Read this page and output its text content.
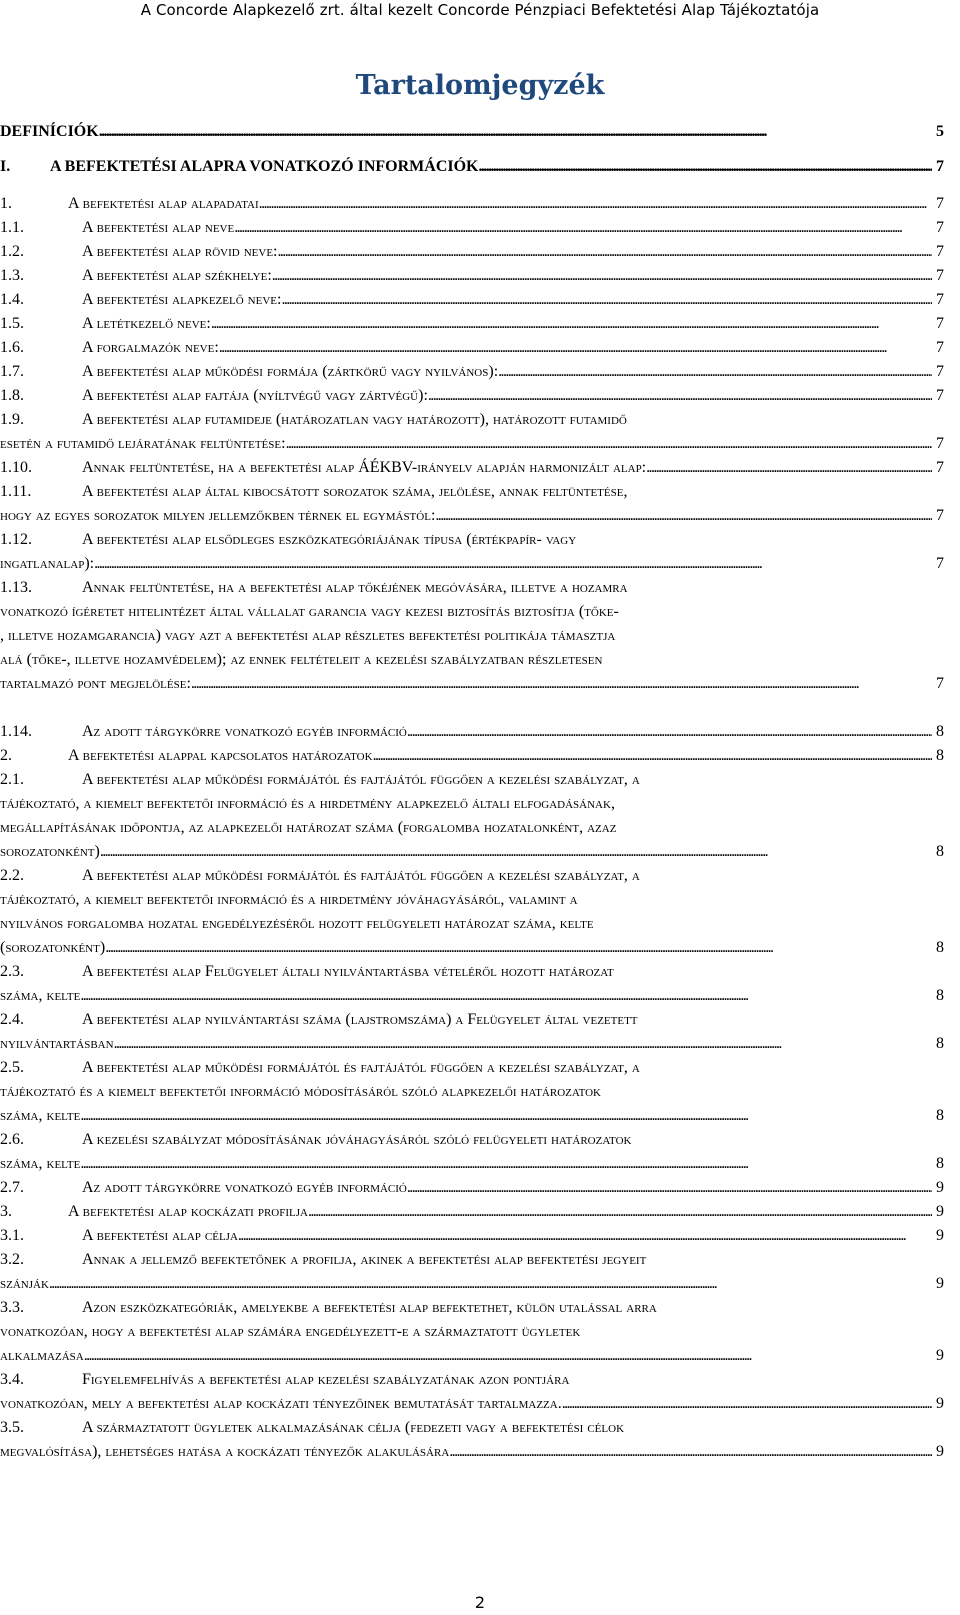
A Concorde Alapkezelő zrt. által kezelt Concorde Pénzpiaci Befektetési Alap Tájékoztatója
Tartalomjegyzék
DEFINÍCIÓK . . .	5
I. A BEFEKTETÉSI ALAPRA VONATKOZÓ INFORMÁCIÓK . . .	7
1.	A befektetési alap alapadatai . . .	7
1.1.	A befektetési alap neve . . .	7
1.2.	A befektetési alap rövid neve: . . .	7
1.3.	A befektetési alap székhelye: . . .	7
1.4.	A befektetési alapkezelő neve: . . .	7
1.5.	A letétkezelő neve: . . .	7
1.6.	A forgalmazók neve: . . .	7
1.7.	A befektetési alap működési formája (zártkörű vagy nyilvános): . . .	7
1.8.	A befektetési alap fajtája (nyíltvégű vagy zártvégű): . . .	7
1.9.	A befektetési alap futamideje (határozatlan vagy határozott), határozott futamidő
esetén a futamidő lejáratának feltüntetése: . . .	7
1.10.	Annak feltüntetése, ha a befektetési alap ÁÉKBV-irányelv alapján harmonizált alap: . . .	7
1.11.	A befektetési alap által kibocsátott sorozatok száma, jelölése, annak feltüntetése,
hogy az egyes sorozatok milyen jellemzőkben térnek el egymástól: . . .	7
1.12.	A befektetési alap elsődleges eszközkategóriájának típusa (értékpapír- vagy
ingatlanalap): . . .	7
1.13.	Annak feltüntetése, ha a befektetési alap tőkéjének megóvására, illetve a hozamra
vonatkozó ígéretet hitelintézet által vállalat garancia vagy kezesi biztosítás biztosítja (tőke-
, illetve hozamgarancia) vagy azt a befektetési alap részletes befektetési politikája támasztja
alá (tőke-, illetve hozamvédelem); az ennek feltételeit a kezelési szabályzatban részletesen
tartalmazó pont megjelölése: . . .	7
1.14.	Az adott tárgykörre vonatkozó egyéb információ . . .	8
2.	A befektetési alappal kapcsolatos határozatok . . .	8
2.1.	A befektetési alap működési formájától és fajtájától függően a kezelési szabályzat, a
tájékoztató, a kiemelt befektetői információ és a hirdetmény alapkezelő általi elfogadásának,
megállapításának időpontja, az alapkezelői határozat száma (forgalomba hozatalonként, azaz
sorozatonként) . . .	8
2.2.	A befektetési alap működési formájától és fajtájától függően a kezelési szabályzat, a
tájékoztató, a kiemelt befektetői információ és a hirdetmény jóváhagyásáról, valamint a
nyilvános forgalomba hozatal engedélyezéséről hozott felügyeleti határozat száma, kelte
(sorozatonként) . . .	8
2.3.	A befektetési alap Felügyelet általi nyilvántartásba vételéről hozott határozat
száma, kelte . . .	8
2.4.	A befektetési alap nyilvántartási száma (lajstromszáma) a Felügyelet által vezetett
nyilvántartásban . . .	8
2.5.	A befektetési alap működési formájától és fajtájától függően a kezelési szabályzat, a
tájékoztató és a kiemelt befektetői információ módosításáról szóló alapkezelői határozatok
száma, kelte . . .	8
2.6.	A kezelési szabályzat módosításának jóváhagyásáról szóló felügyeleti határozatok
száma, kelte . . .	8
2.7.	Az adott tárgykörre vonatkozó egyéb információ . . .	9
3.	A befektetési alap kockázati profilja . . .	9
3.1.	A befektetési alap célja . . .	9
3.2.	Annak a jellemző befektetőnek a profilja, akinek a befektetési alap befektetési jegyeit
szánják . . .	9
3.3.	Azon eszközkategóriák, amelyekbe a befektetési alap befektethet, külön utalással arra
vonatkozóan, hogy a befektetési alap számára engedélyezett-e a származtatott ügyletek
alkalmazása . . .	9
3.4.	Figyelemfelhívás a befektetési alap kezelési szabályzatának azon pontjára
vonatkozóan, mely a befektetési alap kockázati tényezőinek bemutatását tartalmazza. . . .	9
3.5.	A származtatott ügyletek alkalmazásának célja (fedezeti vagy a befektetési célok
megvalósítása), lehetséges hatása a kockázati tényezők alakulására . . .	9
2
